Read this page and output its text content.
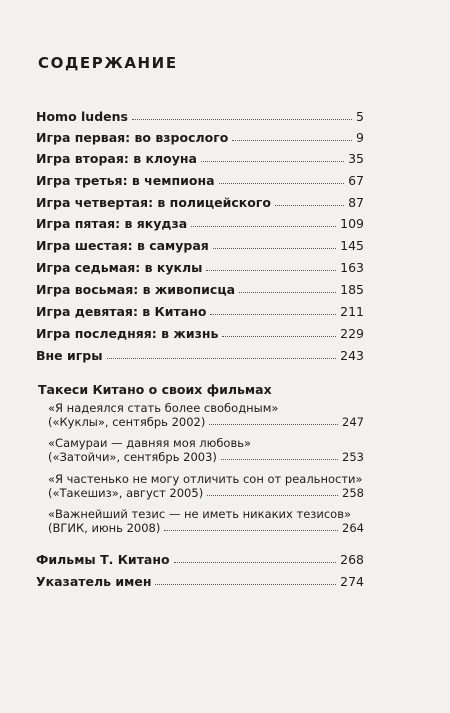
СОДЕРЖАНИЕ
Homo ludens	5
Игра первая: во взрослого	9
Игра вторая: в клоуна	35
Игра третья: в чемпиона	67
Игра четвертая: в полицейского	87
Игра пятая: в якудза	109
Игра шестая: в самурая	145
Игра седьмая: в куклы	163
Игра восьмая: в живописца	185
Игра девятая: в Китано	211
Игра последняя: в жизнь	229
Вне игры	243
Такеси Китано о своих фильмах
«Я надеялся стать более свободным»
(«Куклы», сентябрь 2002)	247
«Самураи — давняя моя любовь»
(«Затойчи», сентябрь 2003)	253
«Я частенько не могу отличить сон от реальности»
(«Такешиз», август 2005)	258
«Важнейший тезис — не иметь никаких тезисов»
(ВГИК, июнь 2008)	264
Фильмы Т. Китано	268
Указатель имен	274
